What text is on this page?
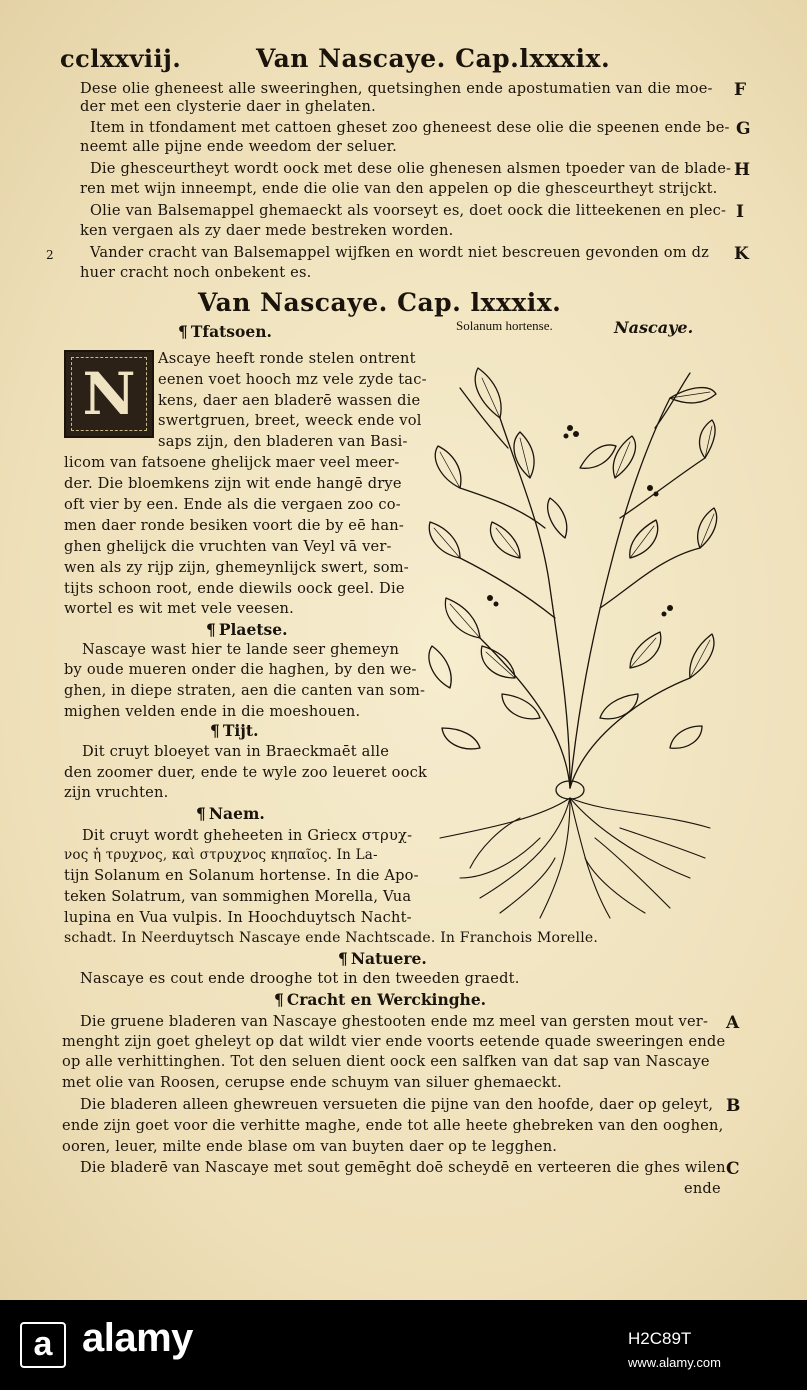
cclxxviij.	Van Nascaye. Cap.lxxxix.
Dese olie gheneest alle sweeringhen, quetsinghen ende apostumatien van die moe-
der met een clysterie daer in ghelaten.
Item in tfondament met cattoen gheset zoo gheneest dese olie die speenen ende be-
neemt alle pijne ende weedom der seluer.
Die ghesceurtheyt wordt oock met dese olie ghenesen alsmen tpoeder van de blade-
ren met wijn inneempt, ende die olie van den appelen op die ghesceurtheyt strijckt.
Olie van Balsemappel ghemaeckt als voorseyt es, doet oock die litteekenen en plec-
ken vergaen als zy daer mede bestreken worden.
Vander cracht van Balsemappel wijfken en wordt niet bescreuen gevonden om dz
huer cracht noch onbekent es.
F
G
H
I
K
2
Van Nascaye. Cap. lxxxix.
¶ Tfatsoen.	Solanum hortense.	Nascaye.
N
Ascaye heeft ronde stelen ontrent
eenen voet hooch mz vele zyde tac-
kens, daer aen bladerē wassen die
swertgruen, breet, weeck ende vol
saps zijn, den bladeren van Basi-
licom van fatsoene ghelijck maer veel meer-
der. Die bloemkens zijn wit ende hangē drye
oft vier by een. Ende als die vergaen zoo co-
men daer ronde besiken voort die by eē han-
ghen ghelijck die vruchten van Veyl vā ver-
wen als zy rijp zijn, ghemeynlijck swert, som-
tijts schoon root, ende diewils oock geel. Die
wortel es wit met vele veesen.
¶ Plaetse.
Nascaye wast hier te lande seer ghemeyn
by oude mueren onder die haghen, by den we-
ghen, in diepe straten, aen die canten van som-
mighen velden ende in die moeshouen.
¶ Tijt.
Dit cruyt bloeyet van in Braeckmaēt alle
den zoomer duer, ende te wyle zoo leueret oock
zijn vruchten.
¶ Naem.
Dit cruyt wordt gheheeten in Griecx στρυχ-
νος ἡ τρυχνος, καὶ στρυχνος κηπαῖος. In La-
tijn Solanum en Solanum hortense. In die Apo-
teken Solatrum, van sommighen Morella, Vua
lupina en Vua vulpis. In Hoochduytsch Nacht-
schadt. In Neerduytsch Nascaye ende Nachtscade. In Franchois Morelle.
¶ Natuere.
Nascaye es cout ende drooghe tot in den tweeden graedt.
¶ Cracht en Werckinghe.
Die gruene bladeren van Nascaye ghestooten ende mz meel van gersten mout ver-
menght zijn goet gheleyt op dat wildt vier ende voorts eetende quade sweeringen ende
op alle verhittinghen. Tot den seluen dient oock een salfken van dat sap van Nascaye
met olie van Roosen, cerupse ende schuym van siluer ghemaeckt.
Die bladeren alleen ghewreuen versueten die pijne van den hoofde, daer op geleyt,
ende zijn goet voor die verhitte maghe, ende tot alle heete ghebreken van den ooghen,
ooren, leuer, milte ende blase om van buyten daer op te legghen.
Die bladerē van Nascaye met sout gemēght doē scheydē en verteeren die ghes wilen
A
B
C
ende
a alamy	H2C89T
www.alamy.com
